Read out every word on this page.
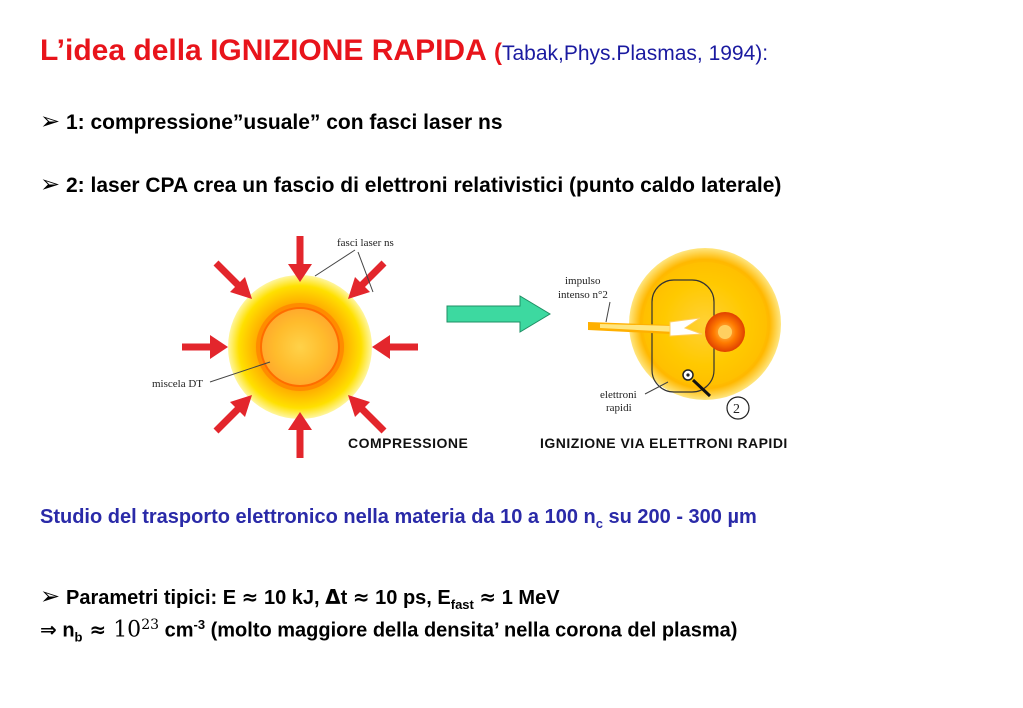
L’idea della IGNIZIONE RAPIDA (Tabak,Phys.Plasmas, 1994):
➢ 1: compressione”usuale” con fasci laser ns
➢ 2: laser CPA crea un fascio di elettroni relativistici (punto caldo laterale)
fasci laser ns
miscela DT
COMPRESSIONE
impulso
intenso n°2
elettroni
rapidi	2
IGNIZIONE VIA ELETTRONI RAPIDI
Studio del trasporto elettronico nella materia da 10 a 100 $n_c$ su 200 - 300 µm
➢ Parametri tipici: E ≈ 10 kJ, Δt ≈ 10 ps, $E_{fast} \approx 1$ MeV
⇒ $n_b \approx 10^{23}$ $cm^{-3}$ (molto maggiore della densita’ nella corona del plasma)
